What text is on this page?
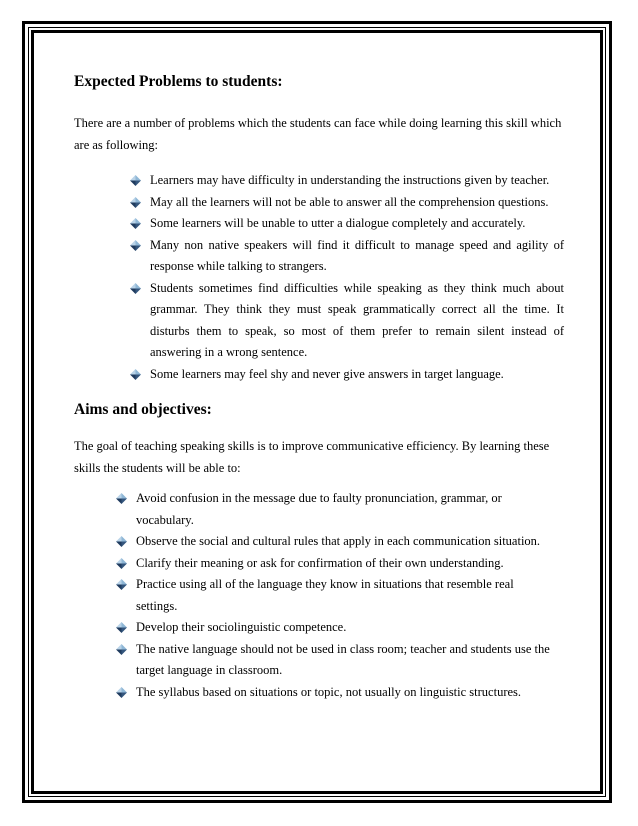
Expected Problems to students:

There are a number of problems which the students can face while doing learning this skill which are as following:

Learners may have difficulty in understanding the instructions given by teacher.
May all the learners will not be able to answer all the comprehension questions.
Some learners will be unable to utter a dialogue completely and accurately.
Many non native speakers will find it difficult to manage speed and agility of response while talking to strangers.
Students sometimes find difficulties while speaking as they think much about grammar. They think they must speak grammatically correct all the time. It disturbs them to speak, so most of them prefer to remain silent instead of answering in a wrong sentence.
Some learners may feel shy and never give answers in target language.
Aims and objectives:

The goal of teaching speaking skills is to improve communicative efficiency. By learning these skills the students will be able to:

Avoid confusion in the message due to faulty pronunciation, grammar, or vocabulary.
Observe the social and cultural rules that apply in each communication situation.
Clarify their meaning or ask for confirmation of their own understanding.
Practice using all of the language they know in situations that resemble real settings.
Develop their sociolinguistic competence.
The native language should not be used in class room; teacher and students use the target language in classroom.
The syllabus based on situations or topic, not usually on linguistic structures.
